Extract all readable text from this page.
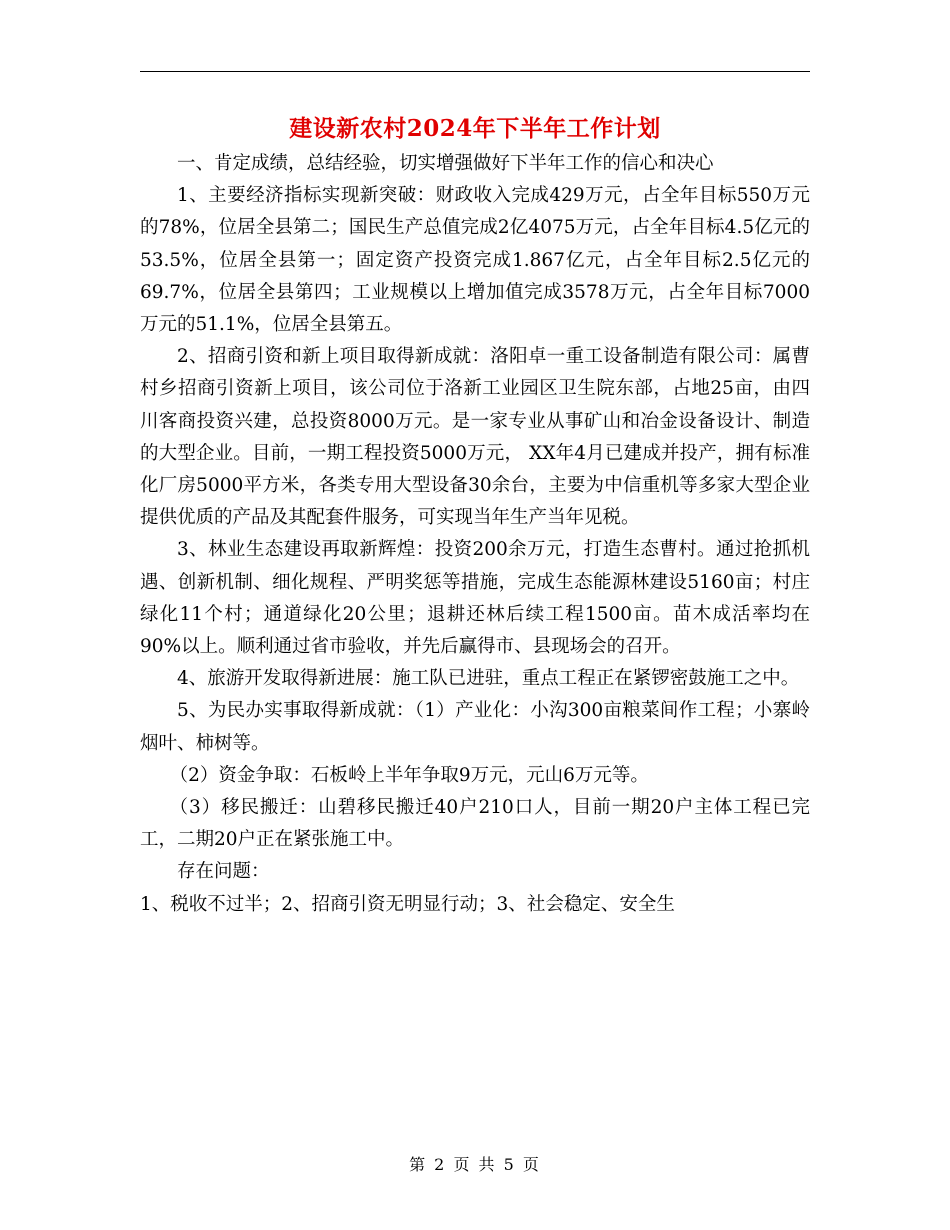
建设新农村2024年下半年工作计划

一、肯定成绩，总结经验，切实增强做好下半年工作的信心和决心

1、主要经济指标实现新突破：财政收入完成429万元，占全年目标550万元的78%，位居全县第二；国民生产总值完成2亿4075万元，占全年目标4.5亿元的53.5%，位居全县第一；固定资产投资完成1.867亿元，占全年目标2.5亿元的69.7%，位居全县第四；工业规模以上增加值完成3578万元，占全年目标7000万元的51.1%，位居全县第五。

2、招商引资和新上项目取得新成就：洛阳卓一重工设备制造有限公司：属曹村乡招商引资新上项目，该公司位于洛新工业园区卫生院东部，占地25亩，由四川客商投资兴建，总投资8000万元。是一家专业从事矿山和冶金设备设计、制造的大型企业。目前，一期工程投资5000万元， XX年4月已建成并投产，拥有标准化厂房5000平方米，各类专用大型设备30余台，主要为中信重机等多家大型企业提供优质的产品及其配套件服务，可实现当年生产当年见税。

3、林业生态建设再取新辉煌：投资200余万元，打造生态曹村。通过抢抓机遇、创新机制、细化规程、严明奖惩等措施，完成生态能源林建设5160亩；村庄绿化11个村；通道绿化20公里；退耕还林后续工程1500亩。苗木成活率均在90%以上。顺利通过省市验收，并先后赢得市、县现场会的召开。

4、旅游开发取得新进展：施工队已进驻，重点工程正在紧锣密鼓施工之中。

5、为民办实事取得新成就：（1）产业化：小沟300亩粮菜间作工程；小寨岭烟叶、柿树等。

（2）资金争取：石板岭上半年争取9万元，元山6万元等。

（3）移民搬迁：山碧移民搬迁40户210口人，目前一期20户主体工程已完工，二期20户正在紧张施工中。

存在问题：

1、税收不过半；2、招商引资无明显行动；3、社会稳定、安全生

第 2 页 共 5 页
